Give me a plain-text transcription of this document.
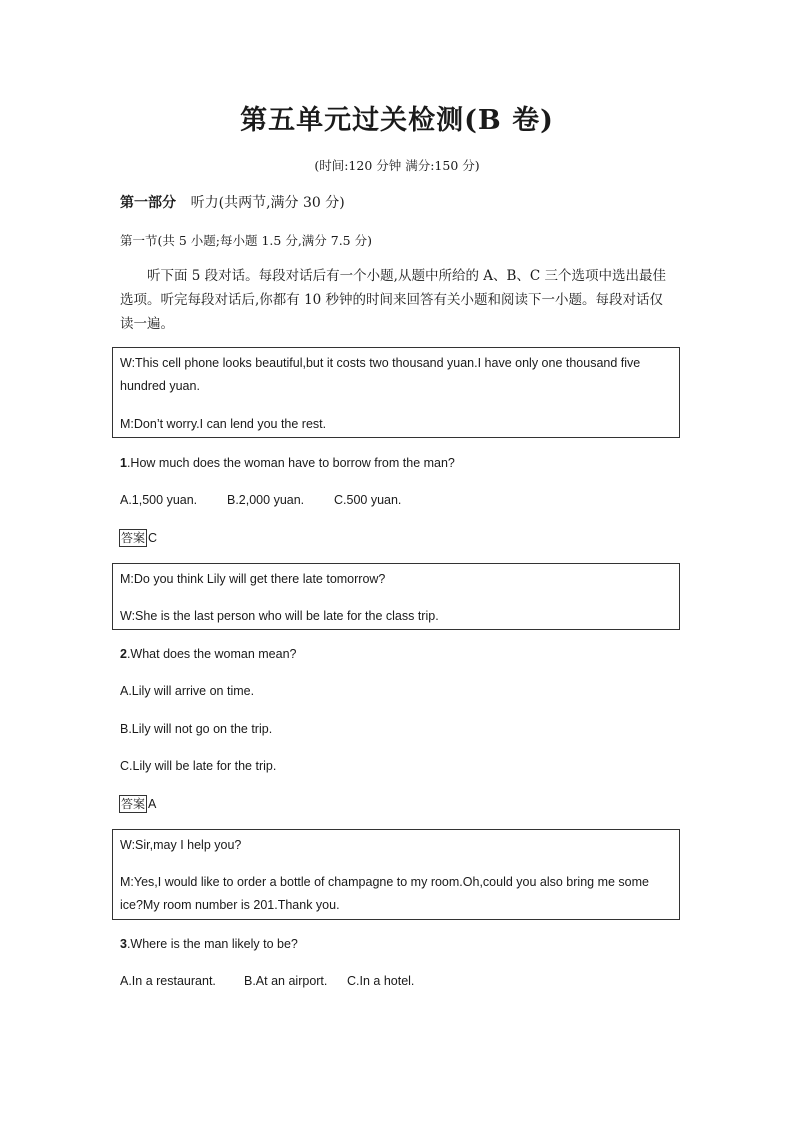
第五单元过关检测(B 卷)
(时间:120 分钟 满分:150 分)
第一部分 听力(共两节,满分 30 分)
第一节(共 5 小题;每小题 1.5 分,满分 7.5 分)
听下面 5 段对话。每段对话后有一个小题,从题中所给的 A、B、C 三个选项中选出最佳选项。听完每段对话后,你都有 10 秒钟的时间来回答有关小题和阅读下一小题。每段对话仅读一遍。

W:This cell phone looks beautiful,but it costs two thousand yuan.I have only one thousand five hundred yuan.

M:Don’t worry.I can lend you the rest.

1.How much does the woman have to borrow from the man?
A.1,500 yuan. B.2,000 yuan. C.500 yuan.
答案 C

M:Do you think Lily will get there late tomorrow?

W:She is the last person who will be late for the class trip.

2.What does the woman mean?
A.Lily will arrive on time.
B.Lily will not go on the trip.
C.Lily will be late for the trip.
答案 A

W:Sir,may I help you?

M:Yes,I would like to order a bottle of champagne to my room.Oh,could you also bring me some ice?My room number is 201.Thank you.

3.Where is the man likely to be?
A.In a restaurant. B.At an airport. C.In a hotel.
